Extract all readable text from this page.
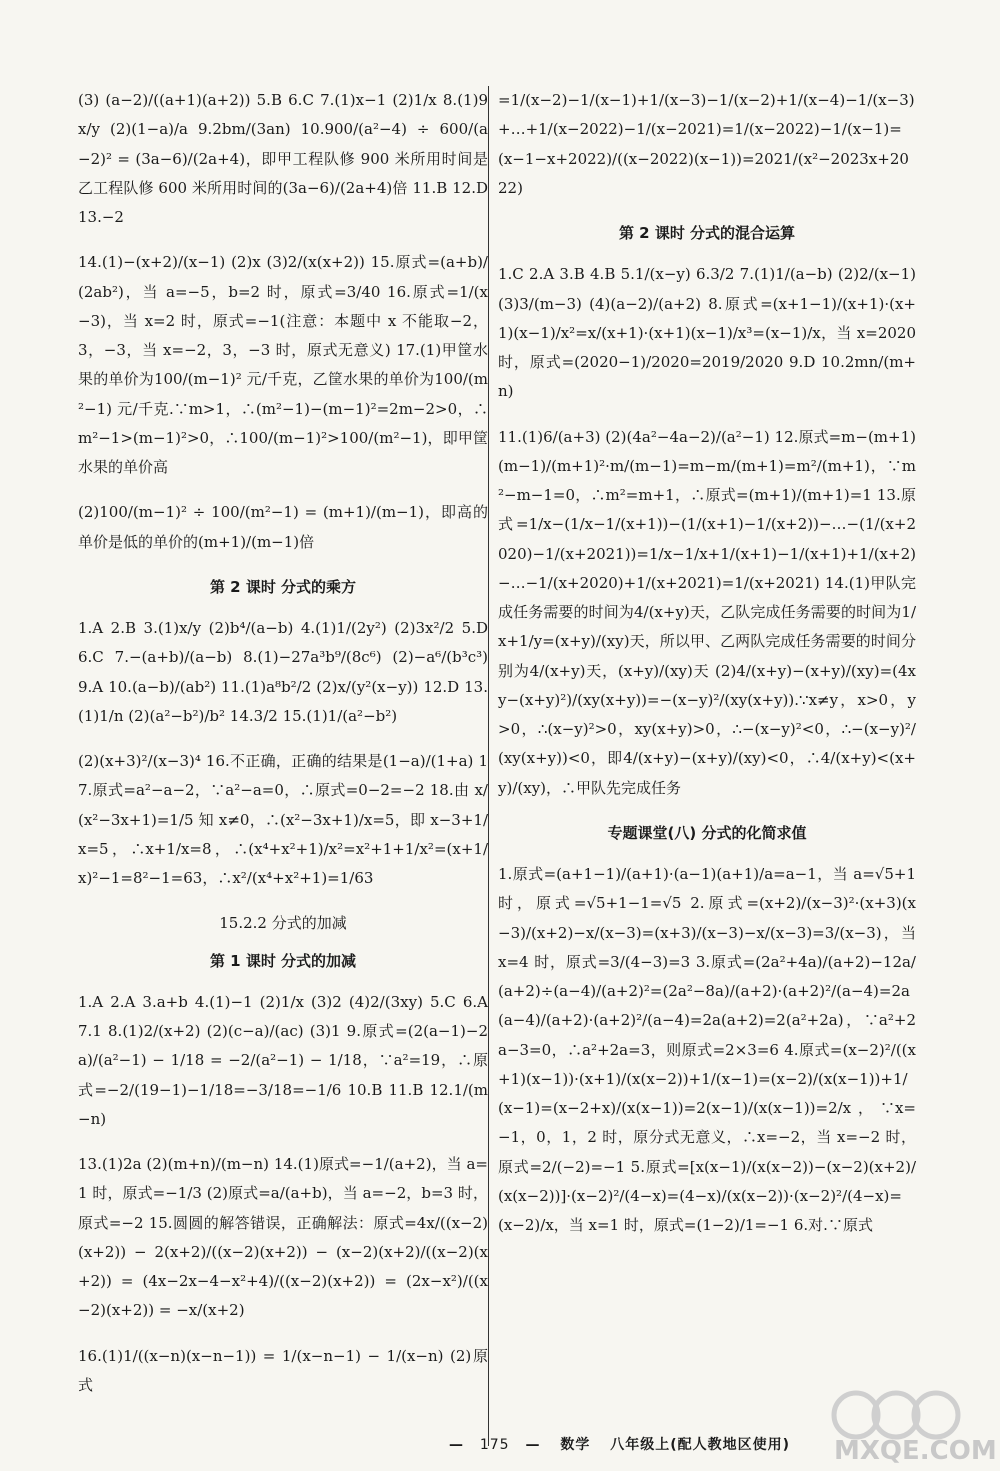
(3) (a−2)/((a+1)(a+2)) 5.B 6.C 7.(1)x−1 (2)1/x 8.(1)9x/y (2)(1−a)/a 9.2bm/(3an) 10.900/(a²−4) ÷ 600/(a−2)² = (3a−6)/(2a+4)，即甲工程队修 900 米所用时间是乙工程队修 600 米所用时间的(3a−6)/(2a+4)倍 11.B 12.D 13.−2

14.(1)−(x+2)/(x−1) (2)x (3)2/(x(x+2)) 15.原式=(a+b)/(2ab²)，当 a=−5，b=2 时，原式=3/40 16.原式=1/(x−3)，当 x=2 时，原式=−1(注意：本题中 x 不能取−2，3，−3，当 x=−2，3，−3 时，原式无意义) 17.(1)甲筐水果的单价为100/(m−1)² 元/千克，乙筐水果的单价为100/(m²−1) 元/千克.∵m>1，∴(m²−1)−(m−1)²=2m−2>0，∴m²−1>(m−1)²>0，∴100/(m−1)²>100/(m²−1)，即甲筐水果的单价高

(2)100/(m−1)² ÷ 100/(m²−1) = (m+1)/(m−1)，即高的单价是低的单价的(m+1)/(m−1)倍

第 2 课时 分式的乘方

1.A 2.B 3.(1)x/y (2)b⁴/(a−b) 4.(1)1/(2y²) (2)3x²/2 5.D 6.C 7.−(a+b)/(a−b) 8.(1)−27a³b⁹/(8c⁶) (2)−a⁶/(b³c³) 9.A 10.(a−b)/(ab²) 11.(1)a⁸b²/2 (2)x/(y²(x−y)) 12.D 13.(1)1/n (2)(a²−b²)/b² 14.3/2 15.(1)1/(a²−b²)

(2)(x+3)²/(x−3)⁴ 16.不正确，正确的结果是(1−a)/(1+a) 17.原式=a²−a−2，∵a²−a=0，∴原式=0−2=−2 18.由 x/(x²−3x+1)=1/5 知 x≠0，∴(x²−3x+1)/x=5，即 x−3+1/x=5，∴x+1/x=8，∴(x⁴+x²+1)/x²=x²+1+1/x²=(x+1/x)²−1=8²−1=63，∴x²/(x⁴+x²+1)=1/63

15.2.2 分式的加减
第 1 课时 分式的加减

1.A 2.A 3.a+b 4.(1)−1 (2)1/x (3)2 (4)2/(3xy) 5.C 6.A 7.1 8.(1)2/(x+2) (2)(c−a)/(ac) (3)1 9.原式=(2(a−1)−2a)/(a²−1) − 1/18 = −2/(a²−1) − 1/18，∵a²=19，∴原式=−2/(19−1)−1/18=−3/18=−1/6 10.B 11.B 12.1/(m−n)

13.(1)2a (2)(m+n)/(m−n) 14.(1)原式=−1/(a+2)，当 a=1 时，原式=−1/3 (2)原式=a/(a+b)，当 a=−2，b=3 时，原式=−2 15.圆圆的解答错误，正确解法：原式=4x/((x−2)(x+2)) − 2(x+2)/((x−2)(x+2)) − (x−2)(x+2)/((x−2)(x+2)) = (4x−2x−4−x²+4)/((x−2)(x+2)) = (2x−x²)/((x−2)(x+2)) = −x/(x+2)

16.(1)1/((x−n)(x−n−1)) = 1/(x−n−1) − 1/(x−n) (2)原式

=1/(x−2)−1/(x−1)+1/(x−3)−1/(x−2)+1/(x−4)−1/(x−3)+…+1/(x−2022)−1/(x−2021)=1/(x−2022)−1/(x−1)=(x−1−x+2022)/((x−2022)(x−1))=2021/(x²−2023x+2022)

第 2 课时 分式的混合运算

1.C 2.A 3.B 4.B 5.1/(x−y) 6.3/2 7.(1)1/(a−b) (2)2/(x−1) (3)3/(m−3) (4)(a−2)/(a+2) 8.原式=(x+1−1)/(x+1)·(x+1)(x−1)/x²=x/(x+1)·(x+1)(x−1)/x³=(x−1)/x，当 x=2020 时，原式=(2020−1)/2020=2019/2020 9.D 10.2mn/(m+n)

11.(1)6/(a+3) (2)(4a²−4a−2)/(a²−1) 12.原式=m−(m+1)(m−1)/(m+1)²·m/(m−1)=m−m/(m+1)=m²/(m+1)，∵m²−m−1=0，∴m²=m+1，∴原式=(m+1)/(m+1)=1 13.原式=1/x−(1/x−1/(x+1))−(1/(x+1)−1/(x+2))−…−(1/(x+2020)−1/(x+2021))=1/x−1/x+1/(x+1)−1/(x+1)+1/(x+2)−…−1/(x+2020)+1/(x+2021)=1/(x+2021) 14.(1)甲队完成任务需要的时间为4/(x+y)天，乙队完成任务需要的时间为1/x+1/y=(x+y)/(xy)天，所以甲、乙两队完成任务需要的时间分别为4/(x+y)天，(x+y)/(xy)天 (2)4/(x+y)−(x+y)/(xy)=(4xy−(x+y)²)/(xy(x+y))=−(x−y)²/(xy(x+y)).∵x≠y，x>0，y>0，∴(x−y)²>0，xy(x+y)>0，∴−(x−y)²<0，∴−(x−y)²/(xy(x+y))<0，即4/(x+y)−(x+y)/(xy)<0，∴4/(x+y)<(x+y)/(xy)，∴甲队先完成任务

专题课堂(八) 分式的化简求值

1.原式=(a+1−1)/(a+1)·(a−1)(a+1)/a=a−1，当 a=√5+1 时，原式=√5+1−1=√5 2.原式=(x+2)/(x−3)²·(x+3)(x−3)/(x+2)−x/(x−3)=(x+3)/(x−3)−x/(x−3)=3/(x−3)，当 x=4 时，原式=3/(4−3)=3 3.原式=(2a²+4a)/(a+2)−12a/(a+2)÷(a−4)/(a+2)²=(2a²−8a)/(a+2)·(a+2)²/(a−4)=2a(a−4)/(a+2)·(a+2)²/(a−4)=2a(a+2)=2(a²+2a)，∵a²+2a−3=0，∴a²+2a=3，则原式=2×3=6 4.原式=(x−2)²/((x+1)(x−1))·(x+1)/(x(x−2))+1/(x−1)=(x−2)/(x(x−1))+1/(x−1)=(x−2+x)/(x(x−1))=2(x−1)/(x(x−1))=2/x，∵x=−1，0，1，2 时，原分式无意义，∴x=−2，当 x=−2 时，原式=2/(−2)=−1 5.原式=[x(x−1)/(x(x−2))−(x−2)(x+2)/(x(x−2))]·(x−2)²/(4−x)=(4−x)/(x(x−2))·(x−2)²/(4−x)=(x−2)/x，当 x=1 时，原式=(1−2)/1=−1 6.对.∵原式

— 175 — 数学 八年级上(配人教地区使用)	MXQE.COM
